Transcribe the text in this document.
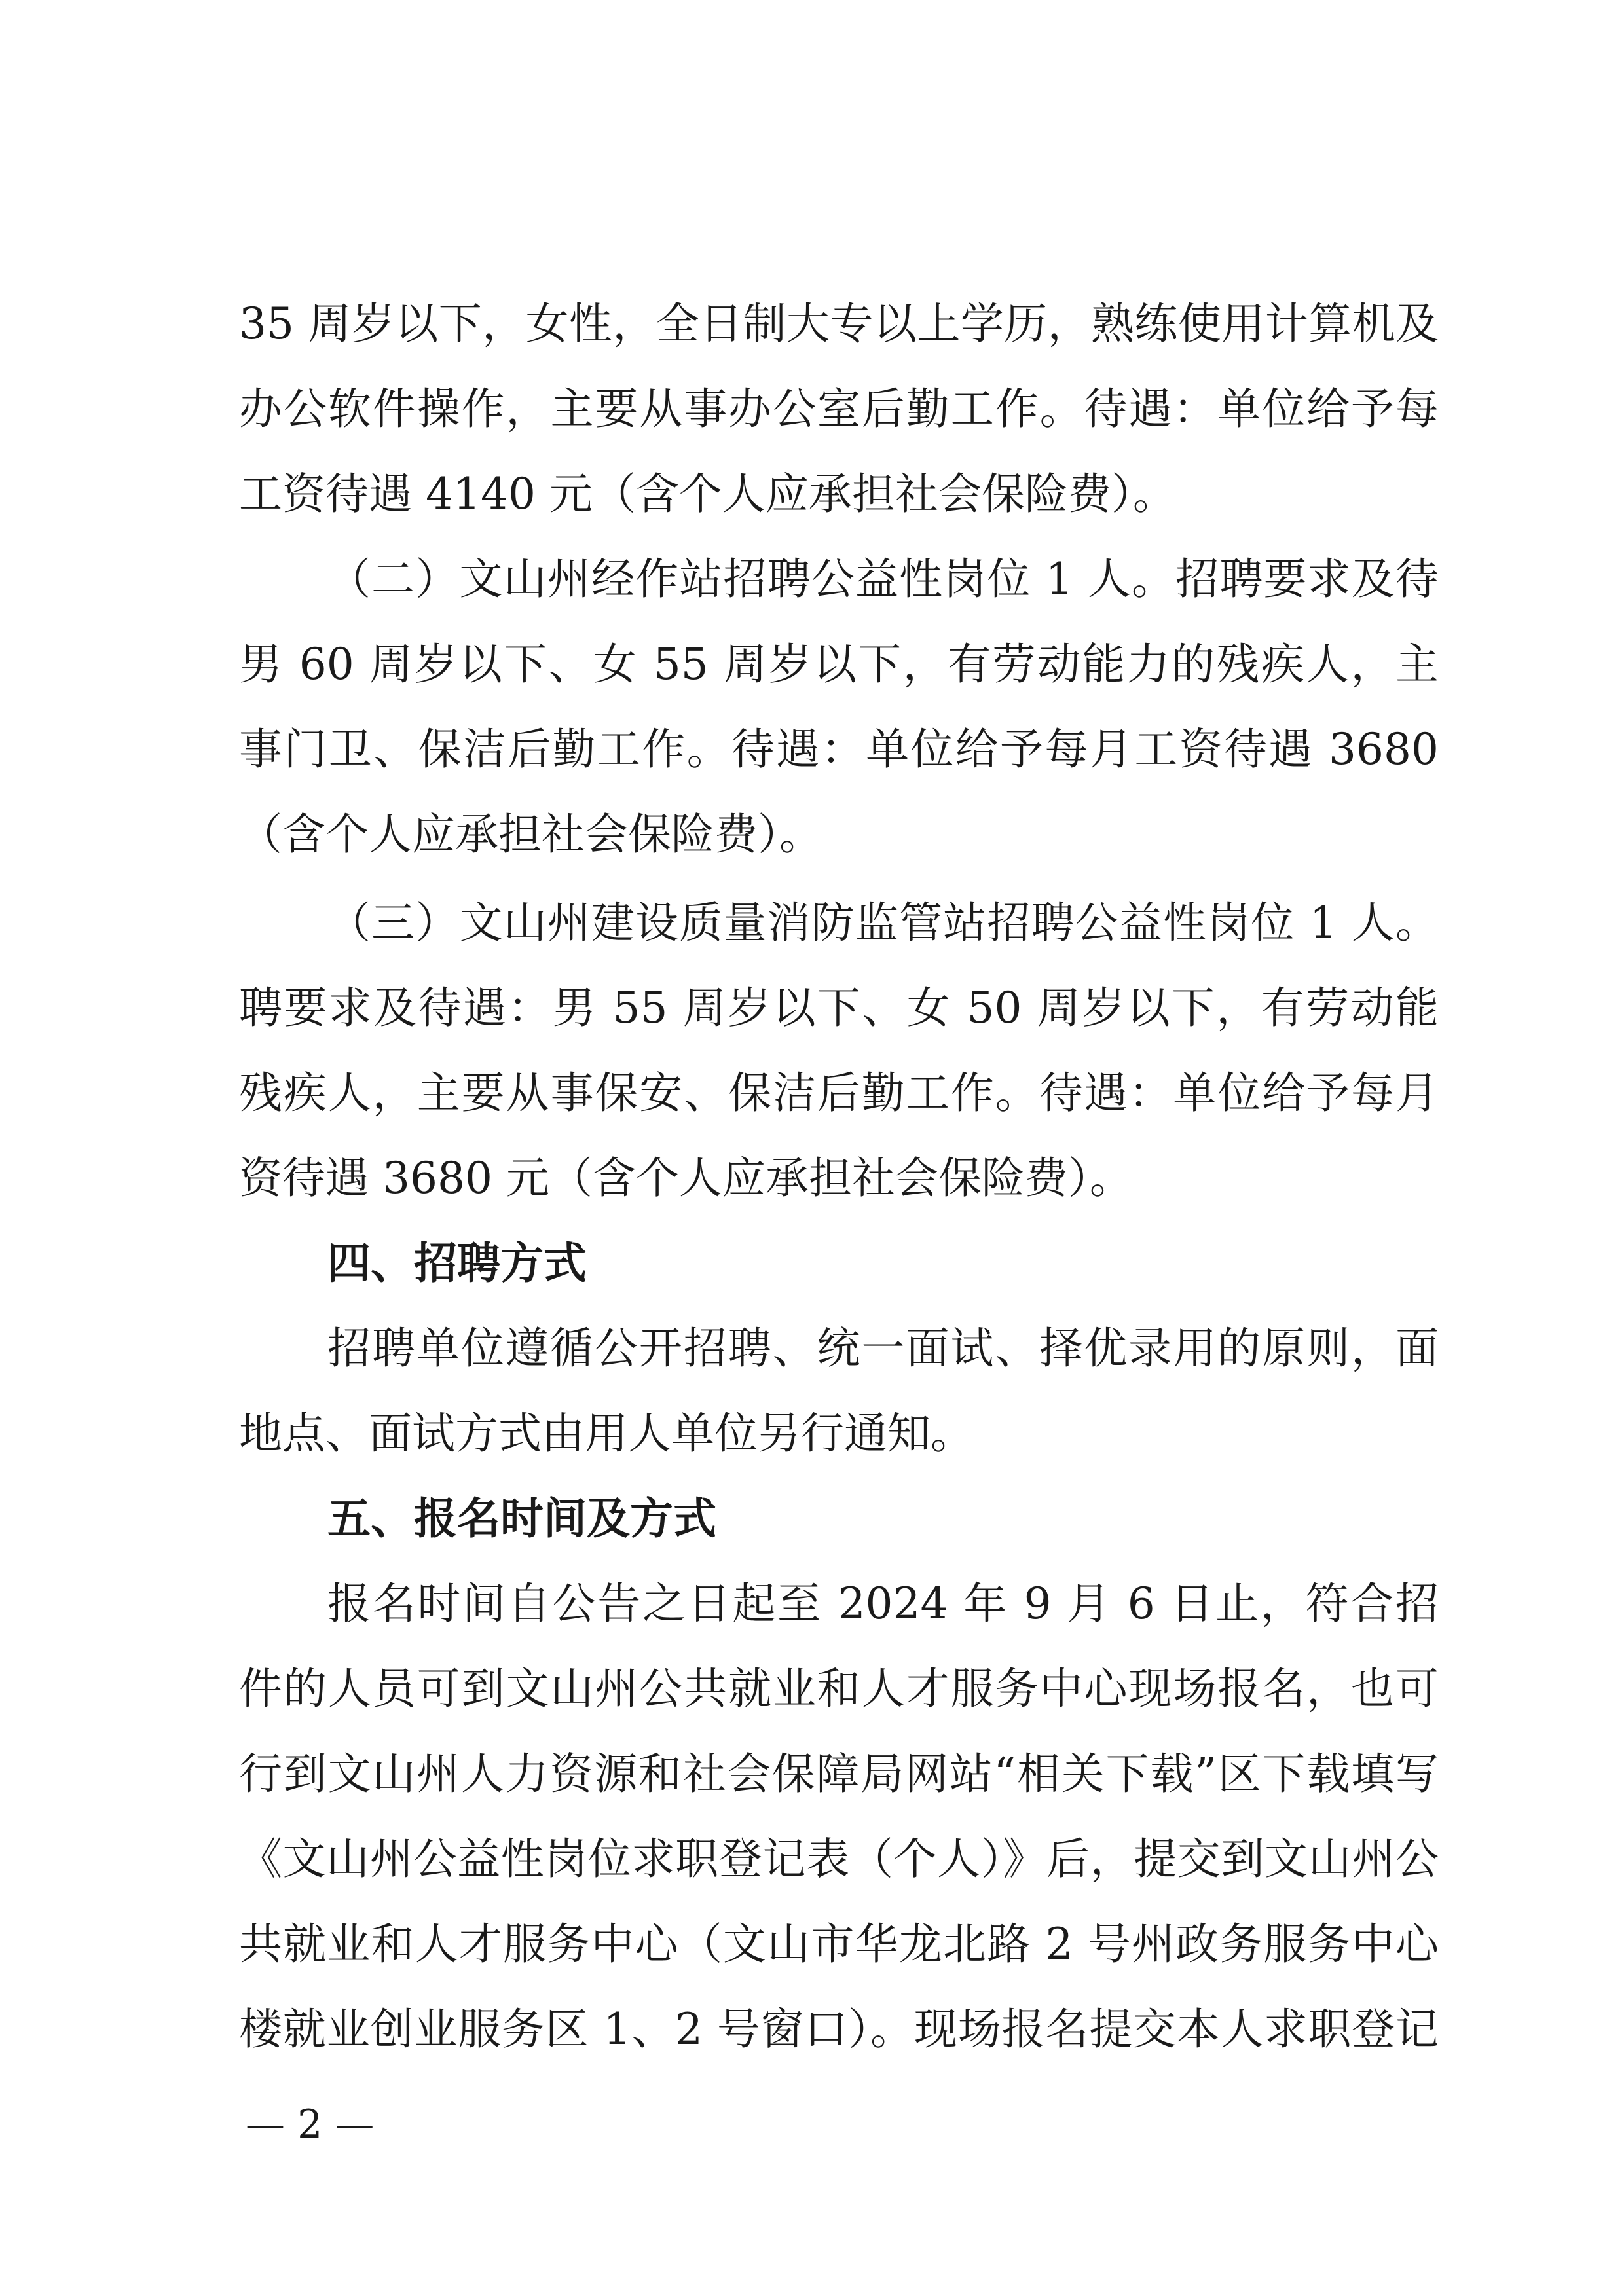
35 周岁以下，女性，全日制大专以上学历，熟练使用计算机及
办公软件操作，主要从事办公室后勤工作。待遇：单位给予每
工资待遇 4140 元（含个人应承担社会保险费）。
（二）文山州经作站招聘公益性岗位 1 人。招聘要求及待
男 60 周岁以下、女 55 周岁以下，有劳动能力的残疾人，主
事门卫、保洁后勤工作。待遇：单位给予每月工资待遇 3680
（含个人应承担社会保险费）。
（三）文山州建设质量消防监管站招聘公益性岗位 1 人。
聘要求及待遇：男 55 周岁以下、女 50 周岁以下，有劳动能
残疾人，主要从事保安、保洁后勤工作。待遇：单位给予每月
资待遇 3680 元（含个人应承担社会保险费）。
四、招聘方式
招聘单位遵循公开招聘、统一面试、择优录用的原则，面
地点、面试方式由用人单位另行通知。
五、报名时间及方式
报名时间自公告之日起至 2024 年 9 月 6 日止，符合招
件的人员可到文山州公共就业和人才服务中心现场报名，也可
行到文山州人力资源和社会保障局网站“相关下载”区下载填写
《文山州公益性岗位求职登记表（个人）》后，提交到文山州公
共就业和人才服务中心（文山市华龙北路 2 号州政务服务中心
楼就业创业服务区 1、2 号窗口）。现场报名提交本人求职登记
— 2 —
